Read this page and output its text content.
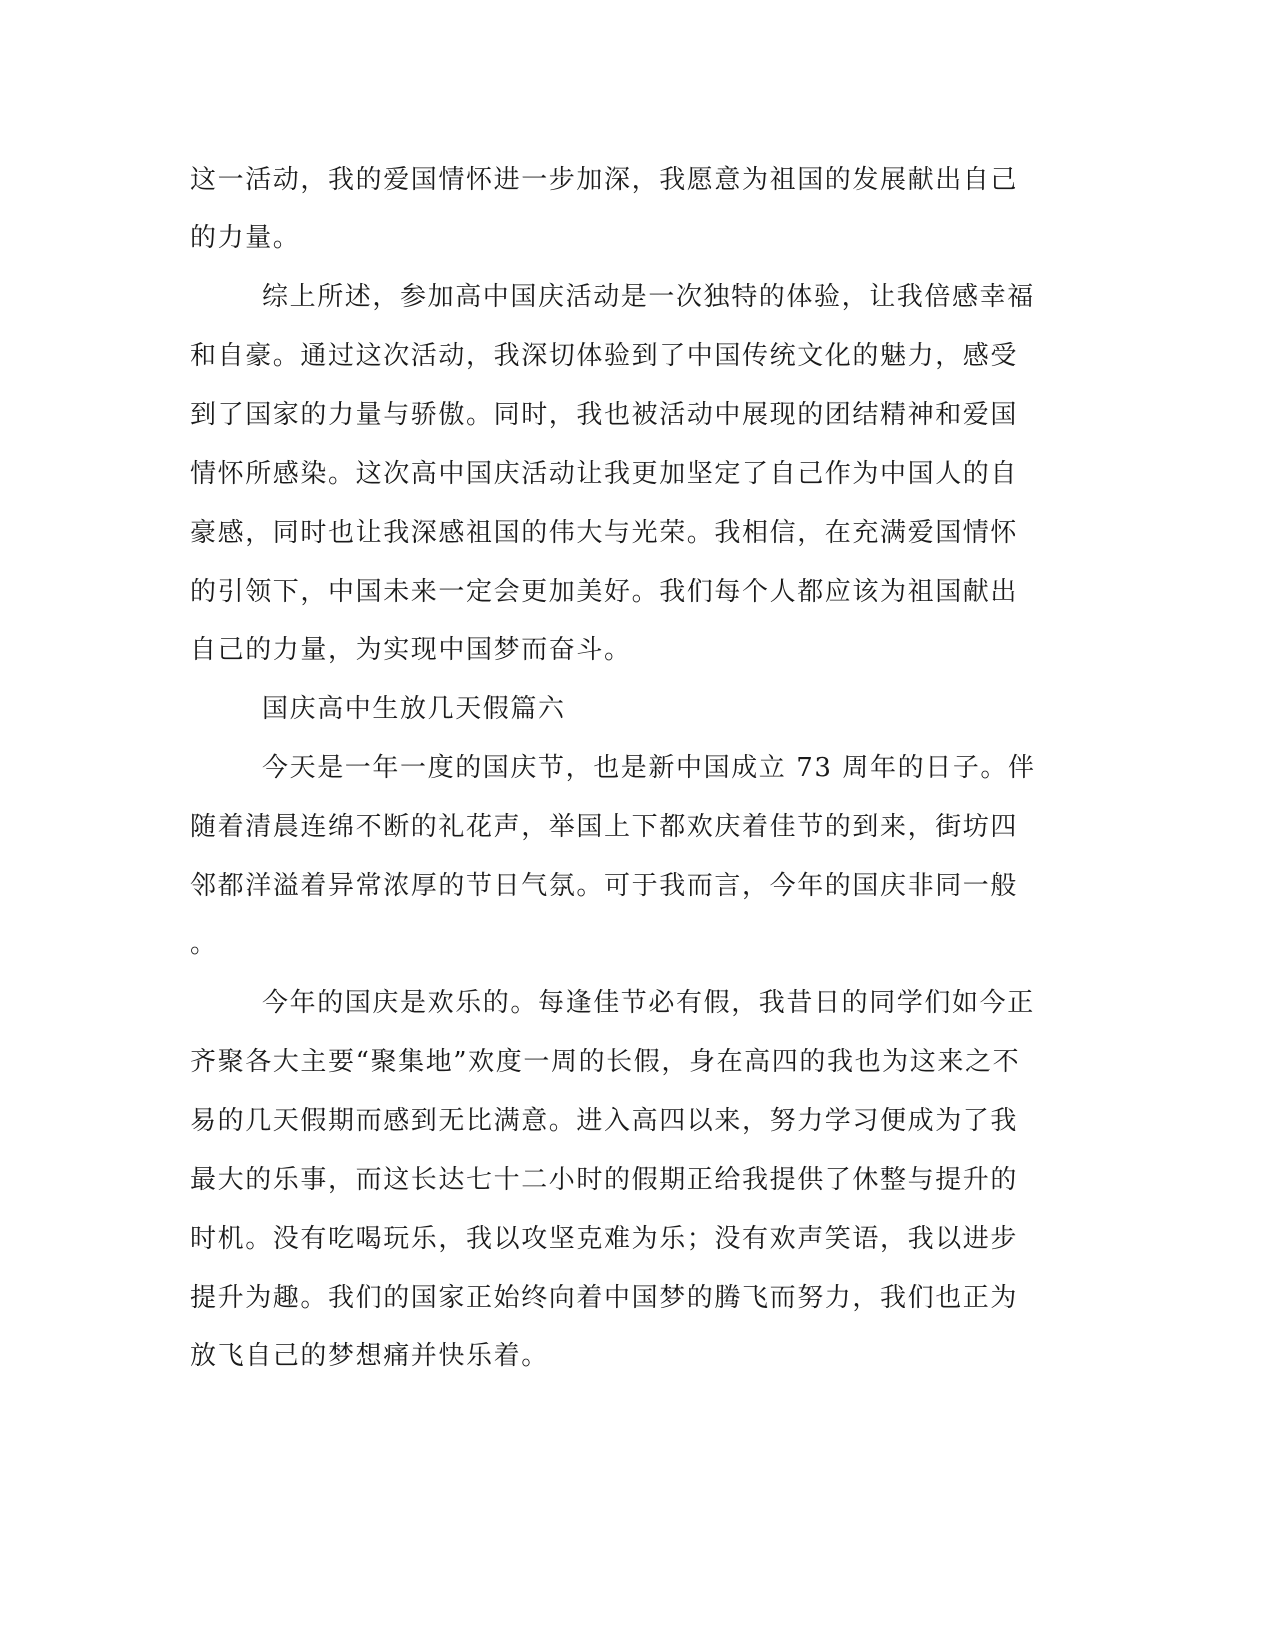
这一活动，我的爱国情怀进一步加深，我愿意为祖国的发展献出自己
的力量。
综上所述，参加高中国庆活动是一次独特的体验，让我倍感幸福
和自豪。通过这次活动，我深切体验到了中国传统文化的魅力，感受
到了国家的力量与骄傲。同时，我也被活动中展现的团结精神和爱国
情怀所感染。这次高中国庆活动让我更加坚定了自己作为中国人的自
豪感，同时也让我深感祖国的伟大与光荣。我相信，在充满爱国情怀
的引领下，中国未来一定会更加美好。我们每个人都应该为祖国献出
自己的力量，为实现中国梦而奋斗。
国庆高中生放几天假篇六
今天是一年一度的国庆节，也是新中国成立 73 周年的日子。伴
随着清晨连绵不断的礼花声，举国上下都欢庆着佳节的到来，街坊四
邻都洋溢着异常浓厚的节日气氛。可于我而言，今年的国庆非同一般
。
今年的国庆是欢乐的。每逢佳节必有假，我昔日的同学们如今正
齐聚各大主要“聚集地”欢度一周的长假，身在高四的我也为这来之不
易的几天假期而感到无比满意。进入高四以来，努力学习便成为了我
最大的乐事，而这长达七十二小时的假期正给我提供了休整与提升的
时机。没有吃喝玩乐，我以攻坚克难为乐；没有欢声笑语，我以进步
提升为趣。我们的国家正始终向着中国梦的腾飞而努力，我们也正为
放飞自己的梦想痛并快乐着。
